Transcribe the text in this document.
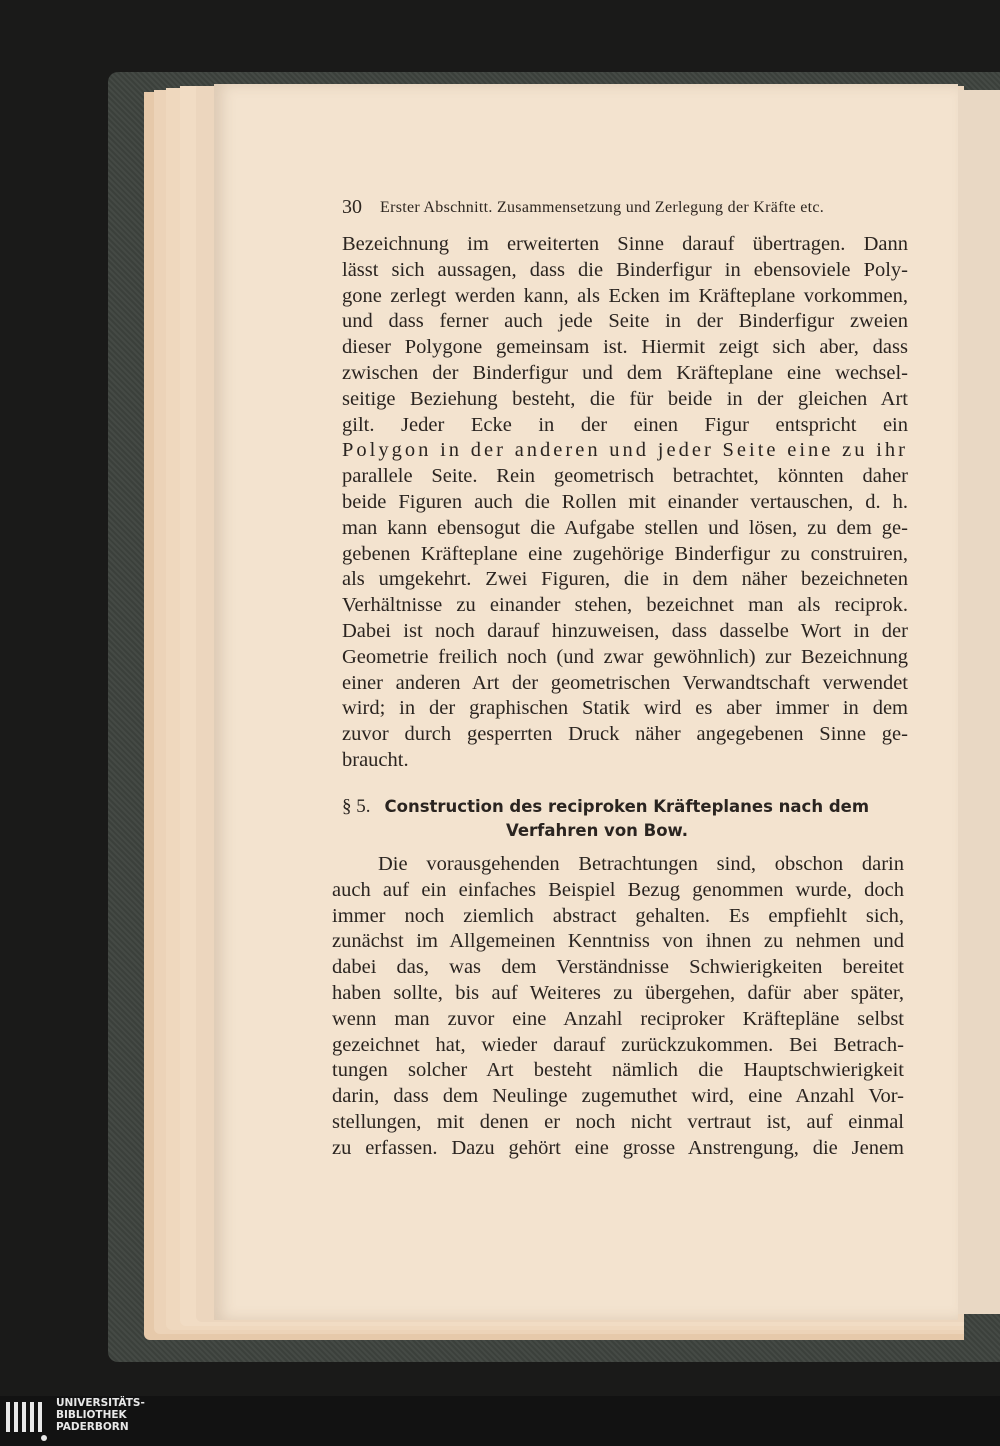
30 Erster Abschnitt. Zusammensetzung und Zerlegung der Kräfte etc.
Bezeichnung im erweiterten Sinne darauf übertragen. Dann
lässt sich aussagen, dass die Binderfigur in ebensoviele Poly-
gone zerlegt werden kann, als Ecken im Kräfteplane vorkommen,
und dass ferner auch jede Seite in der Binderfigur zweien
dieser Polygone gemeinsam ist. Hiermit zeigt sich aber, dass
zwischen der Binderfigur und dem Kräfteplane eine wechsel-
seitige Beziehung besteht, die für beide in der gleichen Art
gilt. Jeder Ecke in der einen Figur entspricht ein
Polygon in der anderen und jeder Seite eine zu ihr
parallele Seite. Rein geometrisch betrachtet, könnten daher
beide Figuren auch die Rollen mit einander vertauschen, d. h.
man kann ebensogut die Aufgabe stellen und lösen, zu dem ge-
gebenen Kräfteplane eine zugehörige Binderfigur zu construiren,
als umgekehrt. Zwei Figuren, die in dem näher bezeichneten
Verhältnisse zu einander stehen, bezeichnet man als reciprok.
Dabei ist noch darauf hinzuweisen, dass dasselbe Wort in der
Geometrie freilich noch (und zwar gewöhnlich) zur Bezeichnung
einer anderen Art der geometrischen Verwandtschaft verwendet
wird; in der graphischen Statik wird es aber immer in dem
zuvor durch gesperrten Druck näher angegebenen Sinne ge-
braucht.
§ 5. Construction des reciproken Kräfteplanes nach dem
Verfahren von Bow.
Die vorausgehenden Betrachtungen sind, obschon darin
auch auf ein einfaches Beispiel Bezug genommen wurde, doch
immer noch ziemlich abstract gehalten. Es empfiehlt sich,
zunächst im Allgemeinen Kenntniss von ihnen zu nehmen und
dabei das, was dem Verständnisse Schwierigkeiten bereitet
haben sollte, bis auf Weiteres zu übergehen, dafür aber später,
wenn man zuvor eine Anzahl reciproker Kräftepläne selbst
gezeichnet hat, wieder darauf zurückzukommen. Bei Betrach-
tungen solcher Art besteht nämlich die Hauptschwierigkeit
darin, dass dem Neulinge zugemuthet wird, eine Anzahl Vor-
stellungen, mit denen er noch nicht vertraut ist, auf einmal
zu erfassen. Dazu gehört eine grosse Anstrengung, die Jenem
UNIVERSITÄTS-
BIBLIOTHEK
PADERBORN
